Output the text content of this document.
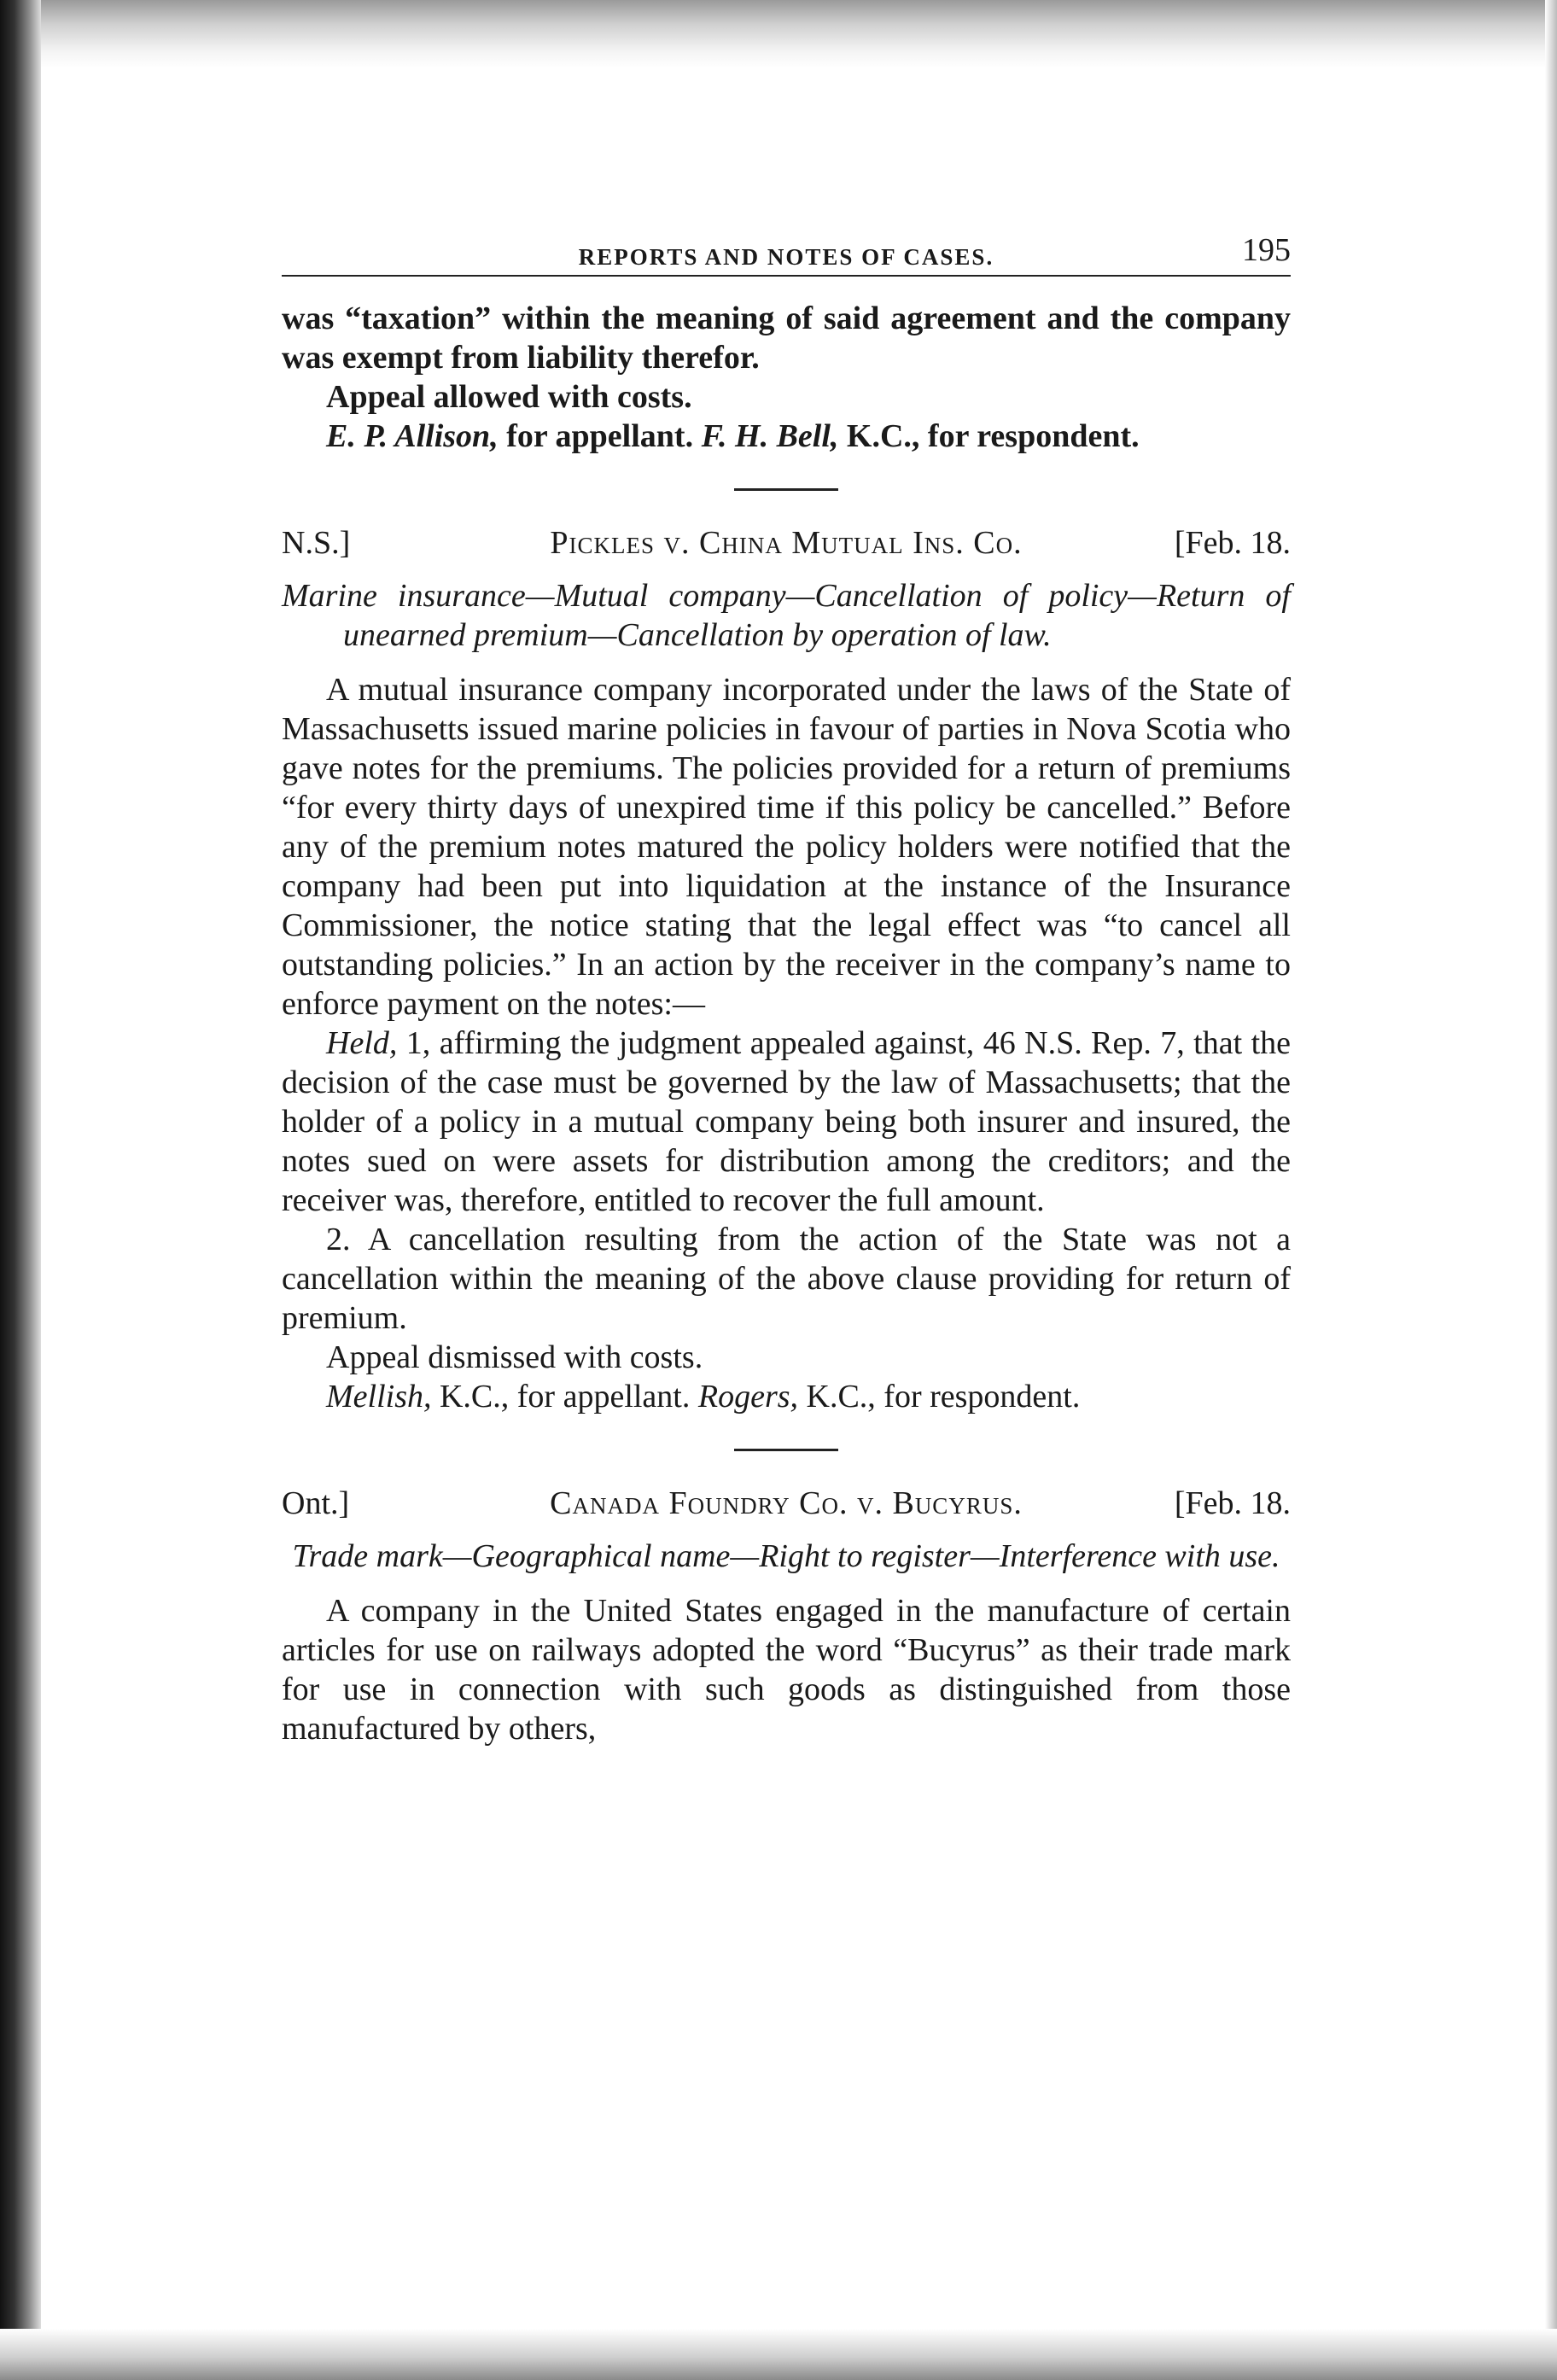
REPORTS AND NOTES OF CASES.	195

was “taxation” within the meaning of said agreement and the company was exempt from liability therefor.

Appeal allowed with costs.

E. P. Allison, for appellant. F. H. Bell, K.C., for respondent.

N.S.]	Pickles v. China Mutual Ins. Co.	[Feb. 18.

Marine insurance—Mutual company—Cancellation of policy—Return of unearned premium—Cancellation by operation of law.

A mutual insurance company incorporated under the laws of the State of Massachusetts issued marine policies in favour of parties in Nova Scotia who gave notes for the premiums. The policies provided for a return of premiums “for every thirty days of unexpired time if this policy be cancelled.” Before any of the premium notes matured the policy holders were notified that the company had been put into liquidation at the instance of the Insurance Commissioner, the notice stating that the legal effect was “to cancel all outstanding policies.” In an action by the receiver in the company’s name to enforce payment on the notes:—

Held, 1, affirming the judgment appealed against, 46 N.S. Rep. 7, that the decision of the case must be governed by the law of Massachusetts; that the holder of a policy in a mutual company being both insurer and insured, the notes sued on were assets for distribution among the creditors; and the receiver was, therefore, entitled to recover the full amount.

2. A cancellation resulting from the action of the State was not a cancellation within the meaning of the above clause providing for return of premium.

Appeal dismissed with costs.

Mellish, K.C., for appellant. Rogers, K.C., for respondent.

Ont.]	Canada Foundry Co. v. Bucyrus.	[Feb. 18.

Trade mark—Geographical name—Right to register—Interference with use.

A company in the United States engaged in the manufacture of certain articles for use on railways adopted the word “Bucyrus” as their trade mark for use in connection with such goods as distinguished from those manufactured by others,
